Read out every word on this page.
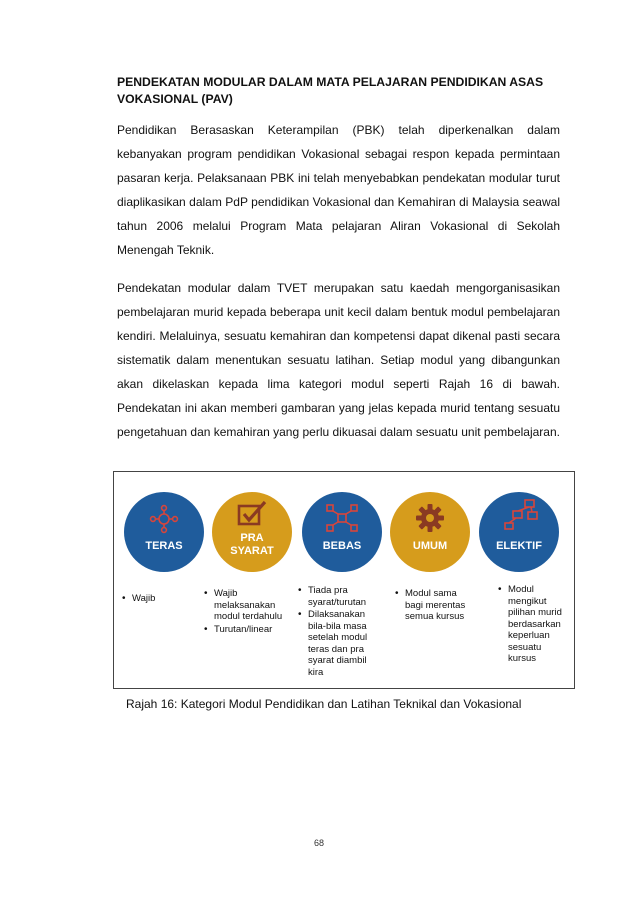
PENDEKATAN MODULAR DALAM MATA PELAJARAN PENDIDIKAN ASAS VOKASIONAL (PAV)

Pendidikan Berasaskan Keterampilan (PBK) telah diperkenalkan dalam kebanyakan program pendidikan Vokasional sebagai respon kepada permintaan pasaran kerja. Pelaksanaan PBK ini telah menyebabkan pendekatan modular turut diaplikasikan dalam PdP pendidikan Vokasional dan Kemahiran di Malaysia seawal tahun 2006 melalui Program Mata pelajaran Aliran Vokasional di Sekolah Menengah Teknik.

Pendekatan modular dalam TVET merupakan satu kaedah mengorganisasikan pembelajaran murid kepada beberapa unit kecil dalam bentuk modul pembelajaran kendiri. Melaluinya, sesuatu kemahiran dan kompetensi dapat dikenal pasti secara sistematik dalam menentukan sesuatu latihan. Setiap modul yang dibangunkan akan dikelaskan kepada lima kategori modul seperti Rajah 16 di bawah. Pendekatan ini akan memberi gambaran yang jelas kepada murid tentang sesuatu pengetahuan dan kemahiran yang perlu dikuasai dalam sesuatu unit pembelajaran.

TERAS
PRA
SYARAT	BEBAS	UMUM	ELEKTIF
• Wajib
•	Wajib melaksanakan modul terdahulu
• Turutan/linear
• Tiada pra syarat/turutan
• Dilaksanakan bila-bila masa setelah modul teras dan pra syarat diambil kira
• Modul sama bagi merentas semua kursus
• Modul mengikut pilihan murid berdasarkan keperluan sesuatu kursus

Rajah 16: Kategori Modul Pendidikan dan Latihan Teknikal dan Vokasional

68
